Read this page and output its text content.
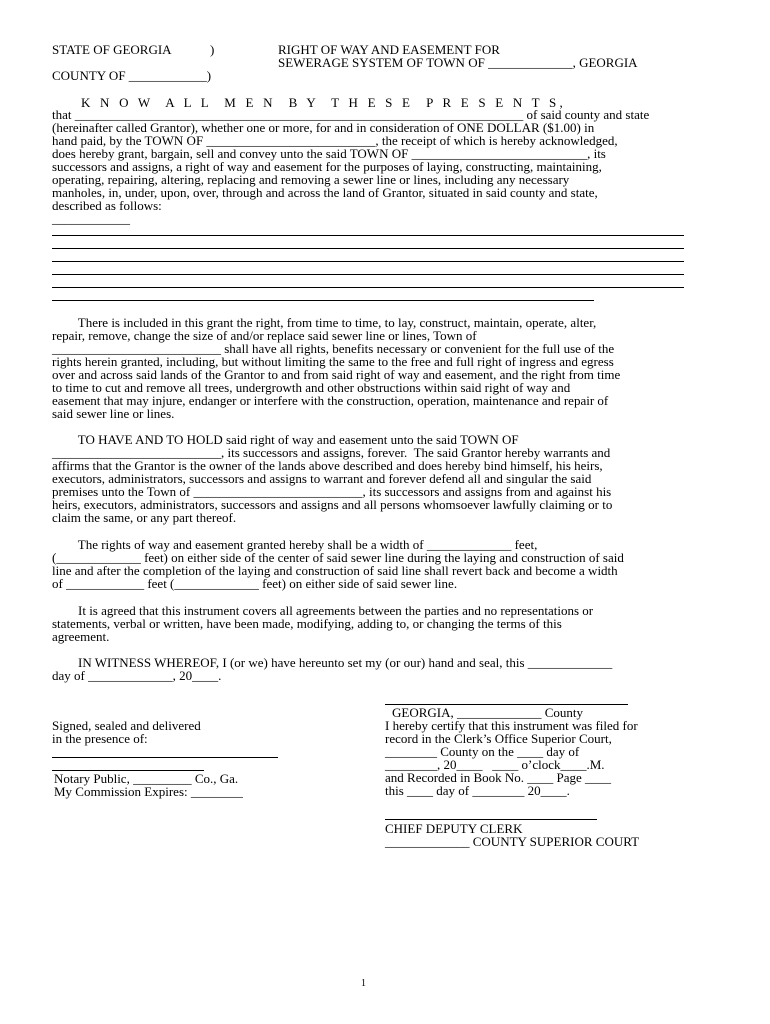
STATE OF GEORGIA	)
COUNTY OF ____________)
RIGHT OF WAY AND EASEMENT FOR
SEWERAGE SYSTEM OF TOWN OF _____________, GEORGIA
K N O W  A L L  M E N  B Y  T H E S E  P R E S E N T S,
that _____________________________________________________________________ of said county and state
(hereinafter called Grantor), whether one or more, for and in consideration of ONE DOLLAR ($1.00) in
hand paid, by the TOWN OF __________________________, the receipt of which is hereby acknowledged,
does hereby grant, bargain, sell and convey unto the said TOWN OF ___________________________, its
successors and assigns, a right of way and easement for the purposes of laying, constructing, maintaining,
operating, repairing, altering, replacing and removing a sewer line or lines, including any necessary
manholes, in, under, upon, over, through and across the land of Grantor, situated in said county and state,
described as follows:
____________
There is included in this grant the right, from time to time, to lay, construct, maintain, operate, alter,
repair, remove, change the size of and/or replace said sewer line or lines, Town of
__________________________ shall have all rights, benefits necessary or convenient for the full use of the
rights herein granted, including, but without limiting the same to the free and full right of ingress and egress
over and across said lands of the Grantor to and from said right of way and easement, and the right from time
to time to cut and remove all trees, undergrowth and other obstructions within said right of way and
easement that may injure, endanger or interfere with the construction, operation, maintenance and repair of
said sewer line or lines.
TO HAVE AND TO HOLD said right of way and easement unto the said TOWN OF
__________________________, its successors and assigns, forever.  The said Grantor hereby warrants and
affirms that the Grantor is the owner of the lands above described and does hereby bind himself, his heirs,
executors, administrators, successors and assigns to warrant and forever defend all and singular the said
premises unto the Town of __________________________, its successors and assigns from and against his
heirs, executors, administrators, successors and assigns and all persons whomsoever lawfully claiming or to
claim the same, or any part thereof.
The rights of way and easement granted hereby shall be a width of _____________ feet,
(_____________ feet) on either side of the center of said sewer line during the laying and construction of said
line and after the completion of the laying and construction of said line shall revert back and become a width
of ____________ feet (_____________ feet) on either side of said sewer line.
It is agreed that this instrument covers all agreements between the parties and no representations or
statements, verbal or written, have been made, modifying, adding to, or changing the terms of this
agreement.
IN WITNESS WHEREOF, I (or we) have hereunto set my (or our) hand and seal, this _____________
day of _____________, 20____.
Signed, sealed and delivered
in the presence of:
Notary Public, _________ Co., Ga.
My Commission Expires: ________
GEORGIA, _____________ County
I hereby certify that this instrument was filed for
record in the Clerk’s Office Superior Court,
________ County on the ____ day of
________, 20____   ____ o’clock____.M.
and Recorded in Book No. ____ Page ____
this ____ day of ________ 20____.
CHIEF DEPUTY CLERK
_____________ COUNTY SUPERIOR COURT
1
